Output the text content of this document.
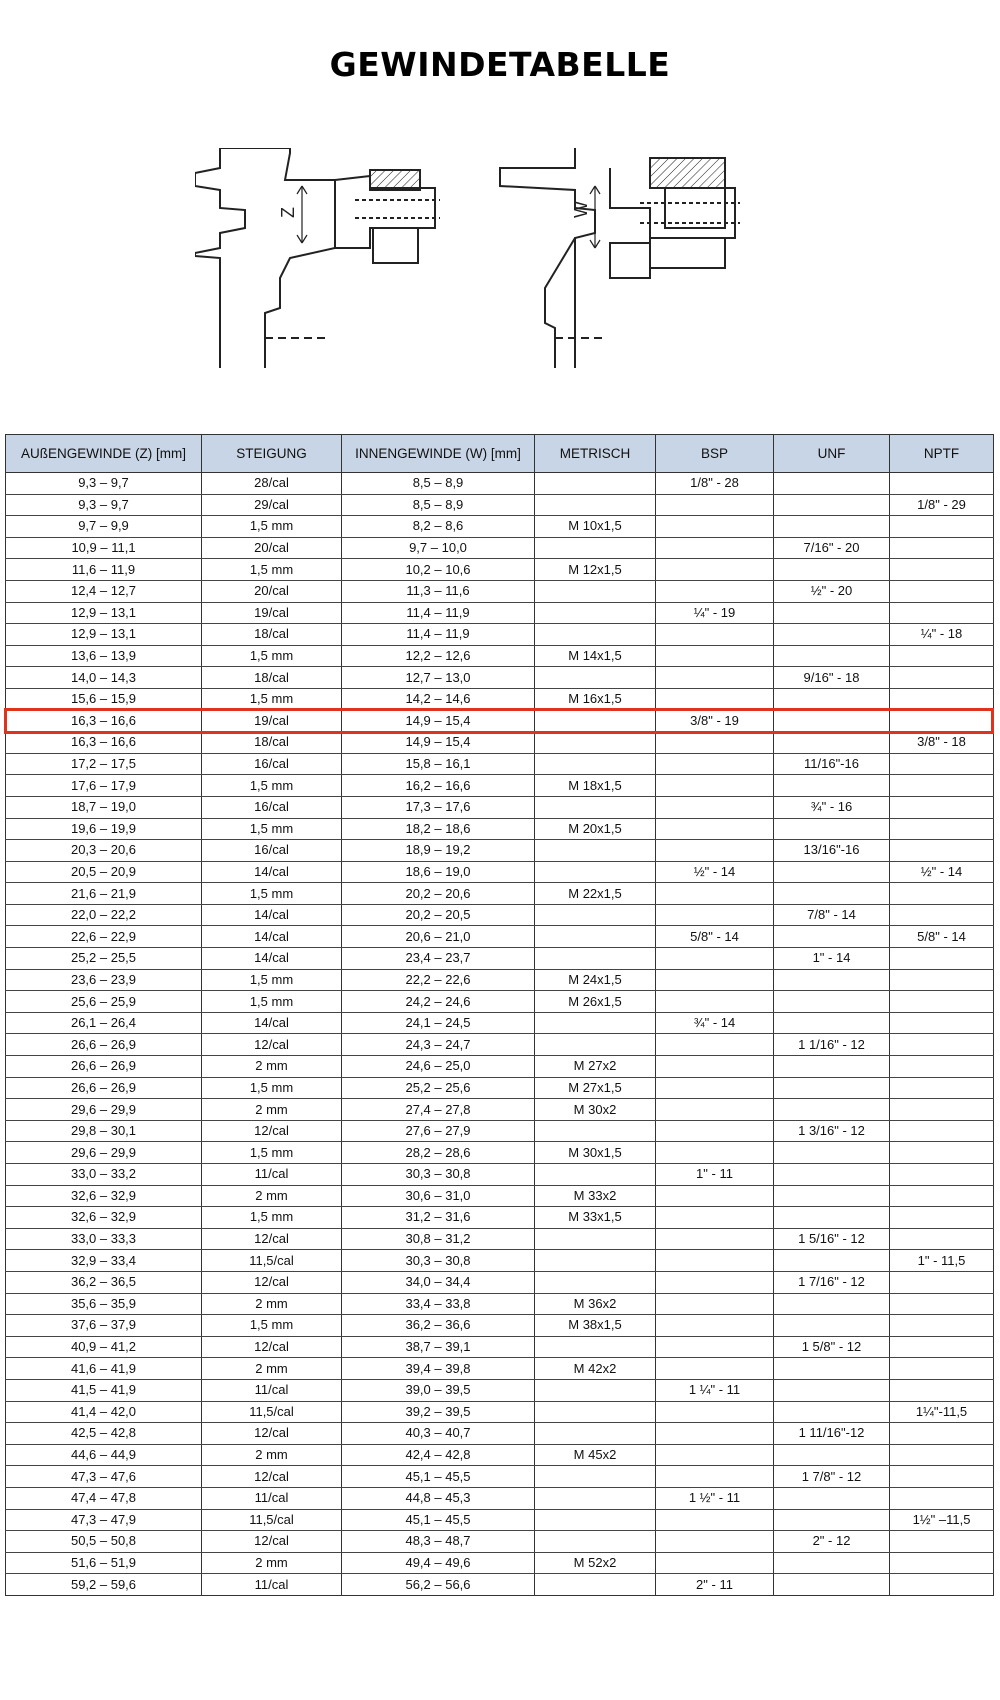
GEWINDETABELLE
Z	W
AUßENGEWINDE (Z) [mm]	STEIGUNG	INNENGEWINDE (W) [mm]	METRISCH	BSP	UNF	NPTF
9,3 – 9,7	28/cal	8,5 – 8,9		1/8" - 28		
9,3 – 9,7	29/cal	8,5 – 8,9				1/8" - 29
9,7 – 9,9	1,5 mm	8,2 – 8,6	M 10x1,5			
10,9 – 11,1	20/cal	9,7 – 10,0			7/16" - 20	
11,6 – 11,9	1,5 mm	10,2 – 10,6	M 12x1,5			
12,4 – 12,7	20/cal	11,3 – 11,6			½" - 20	
12,9 – 13,1	19/cal	11,4 – 11,9		¼" - 19		
12,9 – 13,1	18/cal	11,4 – 11,9				¼" - 18
13,6 – 13,9	1,5 mm	12,2 – 12,6	M 14x1,5			
14,0 – 14,3	18/cal	12,7 – 13,0			9/16" - 18	
15,6 – 15,9	1,5 mm	14,2 – 14,6	M 16x1,5			
16,3 – 16,6	19/cal	14,9 – 15,4		3/8" - 19		
16,3 – 16,6	18/cal	14,9 – 15,4				3/8" - 18
17,2 – 17,5	16/cal	15,8 – 16,1			11/16"-16	
17,6 – 17,9	1,5 mm	16,2 – 16,6	M 18x1,5			
18,7 – 19,0	16/cal	17,3 – 17,6			¾" - 16	
19,6 – 19,9	1,5 mm	18,2 – 18,6	M 20x1,5			
20,3 – 20,6	16/cal	18,9 – 19,2			13/16"-16	
20,5 – 20,9	14/cal	18,6 – 19,0		½" - 14		½" - 14
21,6 – 21,9	1,5 mm	20,2 – 20,6	M 22x1,5			
22,0 – 22,2	14/cal	20,2 – 20,5			7/8" - 14	
22,6 – 22,9	14/cal	20,6 – 21,0		5/8" - 14		5/8" - 14
25,2 – 25,5	14/cal	23,4 – 23,7			1" - 14	
23,6 – 23,9	1,5 mm	22,2 – 22,6	M 24x1,5			
25,6 – 25,9	1,5 mm	24,2 – 24,6	M 26x1,5			
26,1 – 26,4	14/cal	24,1 – 24,5		¾" - 14		
26,6 – 26,9	12/cal	24,3 – 24,7			1 1/16" - 12	
26,6 – 26,9	2 mm	24,6 – 25,0	M 27x2			
26,6 – 26,9	1,5 mm	25,2 – 25,6	M 27x1,5			
29,6 – 29,9	2 mm	27,4 – 27,8	M 30x2			
29,8 – 30,1	12/cal	27,6 – 27,9			1 3/16" - 12	
29,6 – 29,9	1,5 mm	28,2 – 28,6	M 30x1,5			
33,0 – 33,2	11/cal	30,3 – 30,8		1" - 11		
32,6 – 32,9	2 mm	30,6 – 31,0	M 33x2			
32,6 – 32,9	1,5 mm	31,2 – 31,6	M 33x1,5			
33,0 – 33,3	12/cal	30,8 – 31,2			1 5/16" - 12	
32,9 – 33,4	11,5/cal	30,3 – 30,8				1" - 11,5
36,2 – 36,5	12/cal	34,0 – 34,4			1 7/16" - 12	
35,6 – 35,9	2 mm	33,4 – 33,8	M 36x2			
37,6 – 37,9	1,5 mm	36,2 – 36,6	M 38x1,5			
40,9 – 41,2	12/cal	38,7 – 39,1			1 5/8" - 12	
41,6 – 41,9	2 mm	39,4 – 39,8	M 42x2			
41,5 – 41,9	11/cal	39,0 – 39,5		1 ¼" - 11		
41,4 – 42,0	11,5/cal	39,2 – 39,5				1¼"-11,5
42,5 – 42,8	12/cal	40,3 – 40,7			1 11/16"-12	
44,6 – 44,9	2 mm	42,4 – 42,8	M 45x2			
47,3 – 47,6	12/cal	45,1 – 45,5			1 7/8" - 12	
47,4 – 47,8	11/cal	44,8 – 45,3		1 ½" - 11		
47,3 – 47,9	11,5/cal	45,1 – 45,5				1½" –11,5
50,5 – 50,8	12/cal	48,3 – 48,7			2" - 12	
51,6 – 51,9	2 mm	49,4 – 49,6	M 52x2			
59,2 – 59,6	11/cal	56,2 – 56,6		2" - 11		
